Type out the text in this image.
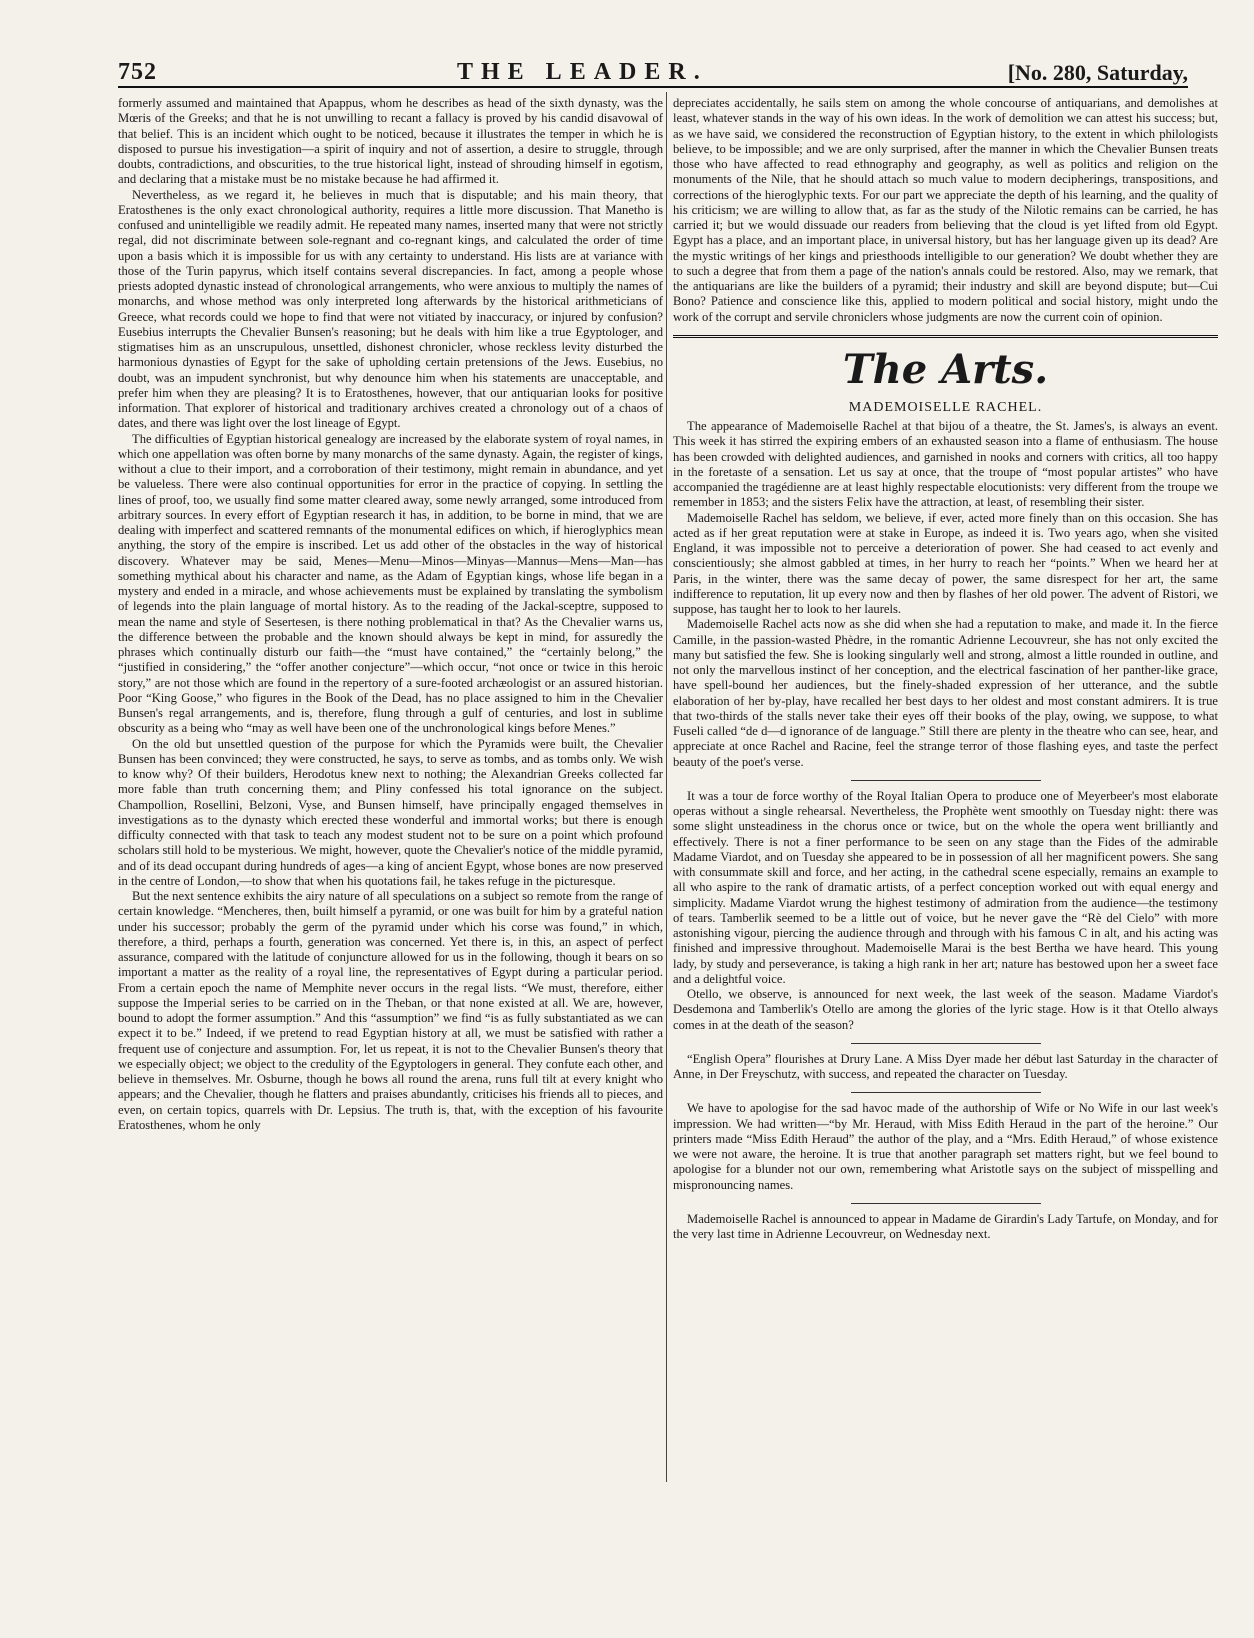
752	THE LEADER.	[No. 280, Saturday,

formerly assumed and maintained that Apappus, whom he describes as head of the sixth dynasty, was the Mœris of the Greeks; and that he is not unwilling to recant a fallacy is proved by his candid disavowal of that belief. This is an incident which ought to be noticed, because it illustrates the temper in which he is disposed to pursue his investigation—a spirit of inquiry and not of assertion, a desire to struggle, through doubts, contradictions, and obscurities, to the true historical light, instead of shrouding himself in egotism, and declaring that a mistake must be no mistake because he had affirmed it.

Nevertheless, as we regard it, he believes in much that is disputable; and his main theory, that Eratosthenes is the only exact chronological authority, requires a little more discussion. That Manetho is confused and unintelligible we readily admit. He repeated many names, inserted many that were not strictly regal, did not discriminate between sole-regnant and co-regnant kings, and calculated the order of time upon a basis which it is impossible for us with any certainty to understand. His lists are at variance with those of the Turin papyrus, which itself contains several discrepancies. In fact, among a people whose priests adopted dynastic instead of chronological arrangements, who were anxious to multiply the names of monarchs, and whose method was only interpreted long afterwards by the historical arithmeticians of Greece, what records could we hope to find that were not vitiated by inaccuracy, or injured by confusion? Eusebius interrupts the Chevalier Bunsen's reasoning; but he deals with him like a true Egyptologer, and stigmatises him as an unscrupulous, unsettled, dishonest chronicler, whose reckless levity disturbed the harmonious dynasties of Egypt for the sake of upholding certain pretensions of the Jews. Eusebius, no doubt, was an impudent synchronist, but why denounce him when his statements are unacceptable, and prefer him when they are pleasing? It is to Eratosthenes, however, that our antiquarian looks for positive information. That explorer of historical and traditionary archives created a chronology out of a chaos of dates, and there was light over the lost lineage of Egypt.

The difficulties of Egyptian historical genealogy are increased by the elaborate system of royal names, in which one appellation was often borne by many monarchs of the same dynasty. Again, the register of kings, without a clue to their import, and a corroboration of their testimony, might remain in abundance, and yet be valueless. There were also continual opportunities for error in the practice of copying. In settling the lines of proof, too, we usually find some matter cleared away, some newly arranged, some introduced from arbitrary sources. In every effort of Egyptian research it has, in addition, to be borne in mind, that we are dealing with imperfect and scattered remnants of the monumental edifices on which, if hieroglyphics mean anything, the story of the empire is inscribed. Let us add other of the obstacles in the way of historical discovery. Whatever may be said, Menes—Menu—Minos—Minyas—Mannus—Mens—Man—has something mythical about his character and name, as the Adam of Egyptian kings, whose life began in a mystery and ended in a miracle, and whose achievements must be explained by translating the symbolism of legends into the plain language of mortal history. As to the reading of the Jackal-sceptre, supposed to mean the name and style of Sesertesen, is there nothing problematical in that? As the Chevalier warns us, the difference between the probable and the known should always be kept in mind, for assuredly the phrases which continually disturb our faith—the “must have contained,” the “certainly belong,” the “justified in considering,” the “offer another conjecture”—which occur, “not once or twice in this heroic story,” are not those which are found in the repertory of a sure-footed archæologist or an assured historian. Poor “King Goose,” who figures in the Book of the Dead, has no place assigned to him in the Chevalier Bunsen's regal arrangements, and is, therefore, flung through a gulf of centuries, and lost in sublime obscurity as a being who “may as well have been one of the unchronological kings before Menes.”

On the old but unsettled question of the purpose for which the Pyramids were built, the Chevalier Bunsen has been convinced; they were constructed, he says, to serve as tombs, and as tombs only. We wish to know why? Of their builders, Herodotus knew next to nothing; the Alexandrian Greeks collected far more fable than truth concerning them; and Pliny confessed his total ignorance on the subject. Champollion, Rosellini, Belzoni, Vyse, and Bunsen himself, have principally engaged themselves in investigations as to the dynasty which erected these wonderful and immortal works; but there is enough difficulty connected with that task to teach any modest student not to be sure on a point which profound scholars still hold to be mysterious. We might, however, quote the Chevalier's notice of the middle pyramid, and of its dead occupant during hundreds of ages—a king of ancient Egypt, whose bones are now preserved in the centre of London,—to show that when his quotations fail, he takes refuge in the picturesque.

But the next sentence exhibits the airy nature of all speculations on a subject so remote from the range of certain knowledge. “Mencheres, then, built himself a pyramid, or one was built for him by a grateful nation under his successor; probably the germ of the pyramid under which his corse was found,” in which, therefore, a third, perhaps a fourth, generation was concerned. Yet there is, in this, an aspect of perfect assurance, compared with the latitude of conjuncture allowed for us in the following, though it bears on so important a matter as the reality of a royal line, the representatives of Egypt during a particular period. From a certain epoch the name of Memphite never occurs in the regal lists. “We must, therefore, either suppose the Imperial series to be carried on in the Theban, or that none existed at all. We are, however, bound to adopt the former assumption.” And this “assumption” we find “is as fully substantiated as we can expect it to be.” Indeed, if we pretend to read Egyptian history at all, we must be satisfied with rather a frequent use of conjecture and assumption. For, let us repeat, it is not to the Chevalier Bunsen's theory that we especially object; we object to the credulity of the Egyptologers in general. They confute each other, and believe in themselves. Mr. Osburne, though he bows all round the arena, runs full tilt at every knight who appears; and the Chevalier, though he flatters and praises abundantly, criticises his friends all to pieces, and even, on certain topics, quarrels with Dr. Lepsius. The truth is, that, with the exception of his favourite Eratosthenes, whom he only

depreciates accidentally, he sails stem on among the whole concourse of antiquarians, and demolishes at least, whatever stands in the way of his own ideas. In the work of demolition we can attest his success; but, as we have said, we considered the reconstruction of Egyptian history, to the extent in which philologists believe, to be impossible; and we are only surprised, after the manner in which the Chevalier Bunsen treats those who have affected to read ethnography and geography, as well as politics and religion on the monuments of the Nile, that he should attach so much value to modern decipherings, transpositions, and corrections of the hieroglyphic texts. For our part we appreciate the depth of his learning, and the quality of his criticism; we are willing to allow that, as far as the study of the Nilotic remains can be carried, he has carried it; but we would dissuade our readers from believing that the cloud is yet lifted from old Egypt. Egypt has a place, and an important place, in universal history, but has her language given up its dead? Are the mystic writings of her kings and priesthoods intelligible to our generation? We doubt whether they are to such a degree that from them a page of the nation's annals could be restored. Also, may we remark, that the antiquarians are like the builders of a pyramid; their industry and skill are beyond dispute; but—Cui Bono? Patience and conscience like this, applied to modern political and social history, might undo the work of the corrupt and servile chroniclers whose judgments are now the current coin of opinion.

The Arts.
MADEMOISELLE RACHEL.

The appearance of Mademoiselle Rachel at that bijou of a theatre, the St. James's, is always an event. This week it has stirred the expiring embers of an exhausted season into a flame of enthusiasm. The house has been crowded with delighted audiences, and garnished in nooks and corners with critics, all too happy in the foretaste of a sensation. Let us say at once, that the troupe of “most popular artistes” who have accompanied the tragédienne are at least highly respectable elocutionists: very different from the troupe we remember in 1853; and the sisters Felix have the attraction, at least, of resembling their sister.

Mademoiselle Rachel has seldom, we believe, if ever, acted more finely than on this occasion. She has acted as if her great reputation were at stake in Europe, as indeed it is. Two years ago, when she visited England, it was impossible not to perceive a deterioration of power. She had ceased to act evenly and conscientiously; she almost gabbled at times, in her hurry to reach her “points.” When we heard her at Paris, in the winter, there was the same decay of power, the same disrespect for her art, the same indifference to reputation, lit up every now and then by flashes of her old power. The advent of Ristori, we suppose, has taught her to look to her laurels.

Mademoiselle Rachel acts now as she did when she had a reputation to make, and made it. In the fierce Camille, in the passion-wasted Phèdre, in the romantic Adrienne Lecouvreur, she has not only excited the many but satisfied the few. She is looking singularly well and strong, almost a little rounded in outline, and not only the marvellous instinct of her conception, and the electrical fascination of her panther-like grace, have spell-bound her audiences, but the finely-shaded expression of her utterance, and the subtle elaboration of her by-play, have recalled her best days to her oldest and most constant admirers. It is true that two-thirds of the stalls never take their eyes off their books of the play, owing, we suppose, to what Fuseli called “de d—d ignorance of de language.” Still there are plenty in the theatre who can see, hear, and appreciate at once Rachel and Racine, feel the strange terror of those flashing eyes, and taste the perfect beauty of the poet's verse.

It was a tour de force worthy of the Royal Italian Opera to produce one of Meyerbeer's most elaborate operas without a single rehearsal. Nevertheless, the Prophète went smoothly on Tuesday night: there was some slight unsteadiness in the chorus once or twice, but on the whole the opera went brilliantly and effectively. There is not a finer performance to be seen on any stage than the Fides of the admirable Madame Viardot, and on Tuesday she appeared to be in possession of all her magnificent powers. She sang with consummate skill and force, and her acting, in the cathedral scene especially, remains an example to all who aspire to the rank of dramatic artists, of a perfect conception worked out with equal energy and simplicity. Madame Viardot wrung the highest testimony of admiration from the audience—the testimony of tears. Tamberlik seemed to be a little out of voice, but he never gave the “Rè del Cielo” with more astonishing vigour, piercing the audience through and through with his famous C in alt, and his acting was finished and impressive throughout. Mademoiselle Marai is the best Bertha we have heard. This young lady, by study and perseverance, is taking a high rank in her art; nature has bestowed upon her a sweet face and a delightful voice.

Otello, we observe, is announced for next week, the last week of the season. Madame Viardot's Desdemona and Tamberlik's Otello are among the glories of the lyric stage. How is it that Otello always comes in at the death of the season?

“English Opera” flourishes at Drury Lane. A Miss Dyer made her début last Saturday in the character of Anne, in Der Freyschutz, with success, and repeated the character on Tuesday.

We have to apologise for the sad havoc made of the authorship of Wife or No Wife in our last week's impression. We had written—“by Mr. Heraud, with Miss Edith Heraud in the part of the heroine.” Our printers made “Miss Edith Heraud” the author of the play, and a “Mrs. Edith Heraud,” of whose existence we were not aware, the heroine. It is true that another paragraph set matters right, but we feel bound to apologise for a blunder not our own, remembering what Aristotle says on the subject of misspelling and mispronouncing names.

Mademoiselle Rachel is announced to appear in Madame de Girardin's Lady Tartufe, on Monday, and for the very last time in Adrienne Lecouvreur, on Wednesday next.
